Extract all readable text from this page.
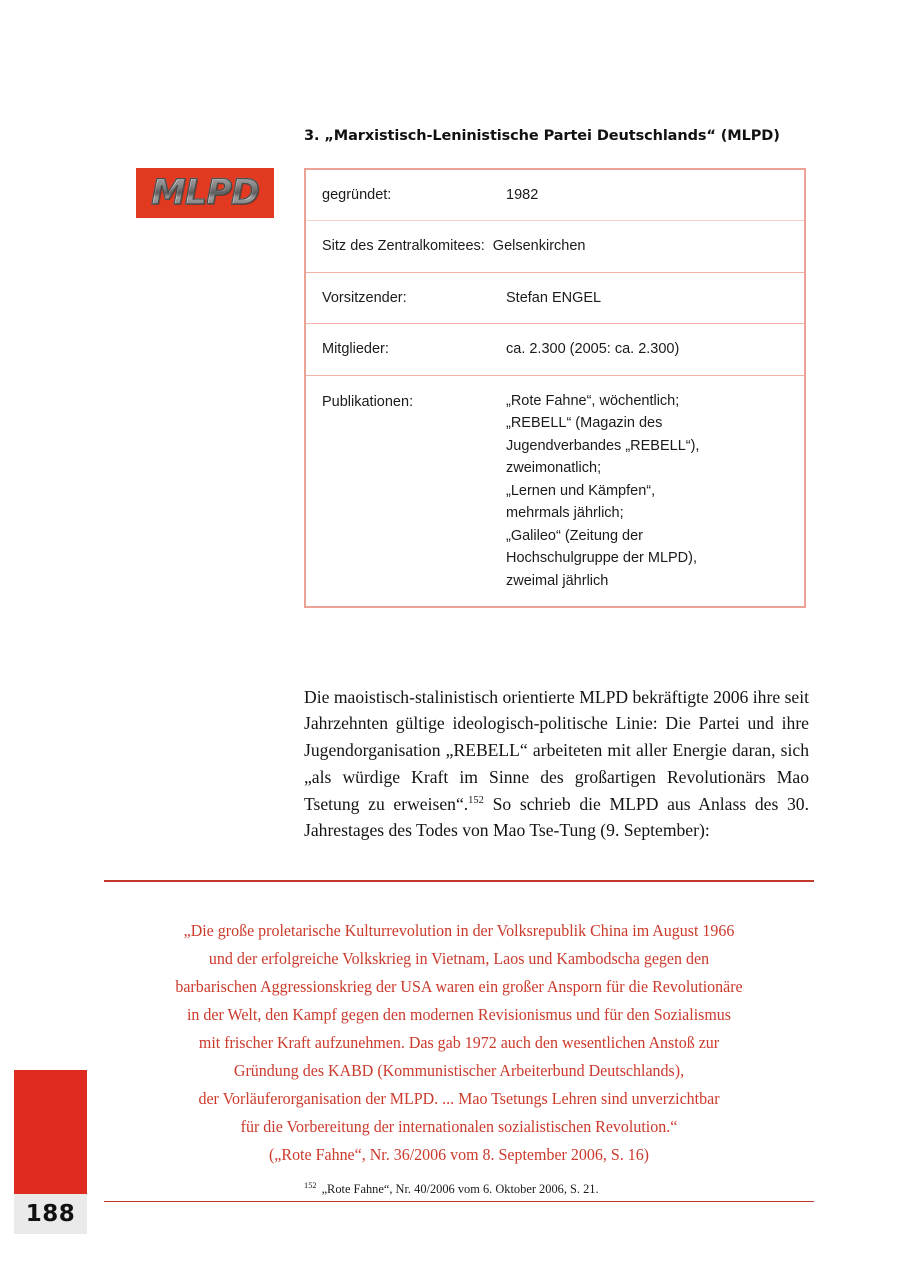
188
MLPD
3. „Marxistisch-Leninistische Partei Deutschlands“ (MLPD)
gegründet:	1982
Sitz des Zentralkomitees: Gelsenkirchen
Vorsitzender:	Stefan ENGEL
Mitglieder:	ca. 2.300 (2005: ca. 2.300)
Publikationen:	„Rote Fahne“, wöchentlich;
„REBELL“ (Magazin des
Jugendverbandes „REBELL“),
zweimonatlich;
„Lernen und Kämpfen“,
mehrmals jährlich;
„Galileo“ (Zeitung der
Hochschulgruppe der MLPD),
zweimal jährlich

Die maoistisch-stalinistisch orientierte MLPD bekräftigte 2006 ihre seit Jahrzehnten gültige ideologisch-politische Linie: Die Partei und ihre Jugendorganisation „REBELL“ arbeiteten mit aller Energie daran, sich „als würdige Kraft im Sinne des großartigen Revolutionärs Mao Tsetung zu erweisen“.$^{152}$ So schrieb die MLPD aus Anlass des 30. Jahrestages des Todes von Mao Tse-Tung (9. September):

„Die große proletarische Kulturrevolution in der Volksrepublik China im August 1966
und der erfolgreiche Volkskrieg in Vietnam, Laos und Kambodscha gegen den
barbarischen Aggressionskrieg der USA waren ein großer Ansporn für die Revolutionäre
in der Welt, den Kampf gegen den modernen Revisionismus und für den Sozialismus
mit frischer Kraft aufzunehmen. Das gab 1972 auch den wesentlichen Anstoß zur
Gründung des KABD (Kommunistischer Arbeiterbund Deutschlands),
der Vorläuferorganisation der MLPD. ... Mao Tsetungs Lehren sind unverzichtbar
für die Vorbereitung der internationalen sozialistischen Revolution.“
(„Rote Fahne“, Nr. 36/2006 vom 8. September 2006, S. 16)
$^{152}$ „Rote Fahne“, Nr. 40/2006 vom 6. Oktober 2006, S. 21.
